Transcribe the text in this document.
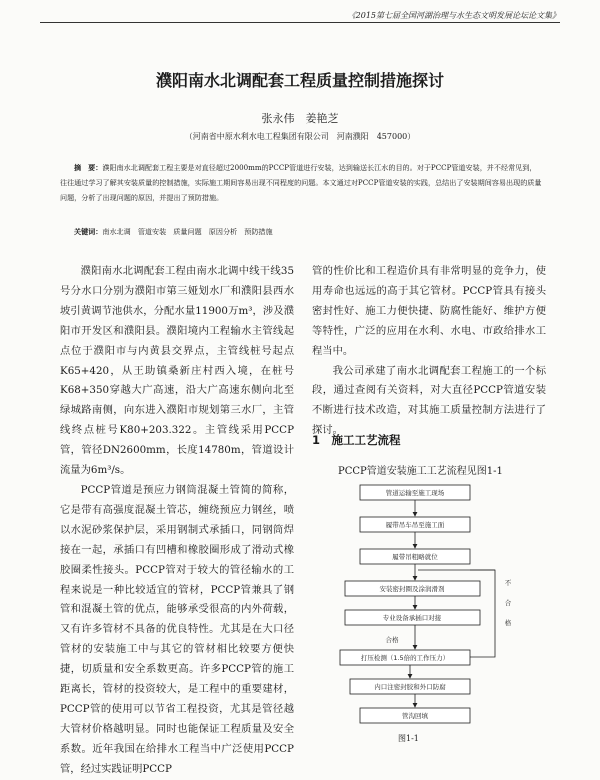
《2015第七届全国河湖治理与水生态文明发展论坛论文集》
濮阳南水北调配套工程质量控制措施探讨
张永伟　姜艳芝
（河南省中原水利水电工程集团有限公司　河南濮阳　457000）
摘　要：濮阳南水北调配套工程主要是对直径超过2000mm的PCCP管道进行安装，达到输送长江水的目的。对于PCCP管道安装，并不经常见到，往往通过学习了解其安装质量的控制措施，实际施工期间容易出现不同程度的问题。本文通过对PCCP管道安装的实践，总结出了安装期间容易出现的质量问题，分析了出现问题的原因，并提出了预防措施。
关键词：南水北调　管道安装　质量问题　原因分析　预防措施

濮阳南水北调配套工程由南水北调中线干线35号分水口分别为濮阳市第三娅划水厂和濮阳县西水坡引黄调节池供水，分配水量11900万m³，涉及濮阳市开发区和濮阳县。濮阳境内工程输水主管线起点位于濮阳市与内黄县交界点，主管线桩号起点K65+420，从王助镇桑新庄村西入境，在桩号K68+350穿越大广高速，沿大广高速东侧向北至绿城路南侧，向东进入濮阳市规划第三水厂，主管线终点桩号K80+203.322。主管线采用PCCP管，管径DN2600mm，长度14780m，管道设计流量为6m³/s。

PCCP管道是预应力钢筒混凝土管简的简称，它是带有高强度混凝土管芯，缠绕预应力钢丝，喷以水泥砂浆保护层，采用钢制式承插口，同钢筒焊接在一起，承插口有凹槽和橡胶圈形成了滑动式橡胶圈柔性接头。PCCP管对于较大的管径输水的工程来说是一种比较适宜的管材，PCCP管兼具了钢管和混凝土管的优点，能够承受很高的内外荷载，又有许多管材不具备的优良特性。尤其是在大口径管材的安装施工中与其它的管材相比较要方便快捷，切质量和安全系数更高。许多PCCP管的施工距离长，管材的投资较大，是工程中的重要建材，PCCP管的使用可以节省工程投资，尤其是管径越大管材价格越明显。同时也能保证工程质量及安全系数。近年我国在给排水工程当中广泛使用PCCP管，经过实践证明PCCP

管的性价比和工程造价具有非常明显的竞争力，使用寿命也远远的高于其它管材。PCCP管具有接头密封性好、施工力便快捷、防腐性能好、维护方便等特性，广泛的应用在水利、水电、市政给排水工程当中。

我公司承建了南水北调配套工程施工的一个标段，通过查阅有关资料，对大直径PCCP管道安装不断进行技术改造，对其施工质量控制方法进行了探讨。

1　施工工艺流程
PCCP管道安装施工工艺流程见图1-1
管道运输至施工现场
履带吊车吊至施工面
履带吊粗略就位
安装密封圈及涂润滑剂
专业设备承插口对接
打压检测（1.5倍的工作压力）
内口注密封胶和外口防腐
管沟回填
不
合
格
合格
图1-1
